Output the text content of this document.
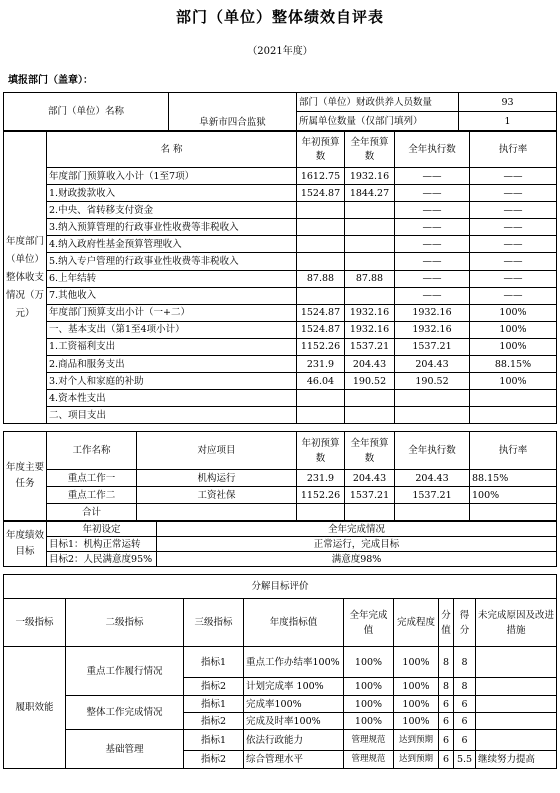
部门（单位）整体绩效自评表
（2021年度）
填报部门（盖章）：
部门（单位）名称	阜新市四合监狱	部门（单位）财政供养人员数量	93
		所属单位数量（仅部门填列）	1
年度部门（单位）整体收支情况（万元）	名 称	年初预算数	全年预算数	全年执行数	执行率
	年度部门预算收入小计（1至7项）	1612.75	1932.16	——	——
	1.财政拨款收入	1524.87	1844.27	——	——
	2.中央、省转移支付资金			——	——
	3.纳入预算管理的行政事业性收费等非税收入			——	——
	4.纳入政府性基金预算管理收入			——	——
	5.纳入专户管理的行政事业性收费等非税收入			——	——
	6.上年结转	87.88	87.88	——	——
	7.其他收入			——	——
	年度部门预算支出小计（一+二）	1524.87	1932.16	1932.16	100%
	一、基本支出（第1至4项小计）	1524.87	1932.16	1932.16	100%
	1.工资福利支出	1152.26	1537.21	1537.21	100%
	2.商品和服务支出	231.9	204.43	204.43	88.15%
	3.对个人和家庭的补助	46.04	190.52	190.52	100%
	4.资本性支出				
	二、项目支出				
年度主要任务	工作名称	对应项目	年初预算数	全年预算数	全年执行数	执行率
	重点工作一	机构运行	231.9	204.43	204.43	88.15%
	重点工作二	工资社保	1152.26	1537.21	1537.21	100%
	合计					
年度绩效目标	年初设定	全年完成情况
	目标1：机构正常运转	正常运行，完成目标
	目标2：人民满意度95%	满意度98%
分解目标评价								
一级指标	二级指标	三级指标	年度指标值	全年完成值	完成程度	分值	得分	未完成原因及改进措施
履职效能	重点工作履行情况	指标1	重点工作办结率100%	100%	100%	8	8	
		指标2	计划完成率 100%	100%	100%	8	8	
	整体工作完成情况	指标1	完成率100%	100%	100%	6	6	
		指标2	完成及时率100%	100%	100%	6	6	
	基础管理	指标1	依法行政能力	管理规范	达到预期	6	6	
		指标2	综合管理水平	管理规范	达到预期	6	5.5	继续努力提高
